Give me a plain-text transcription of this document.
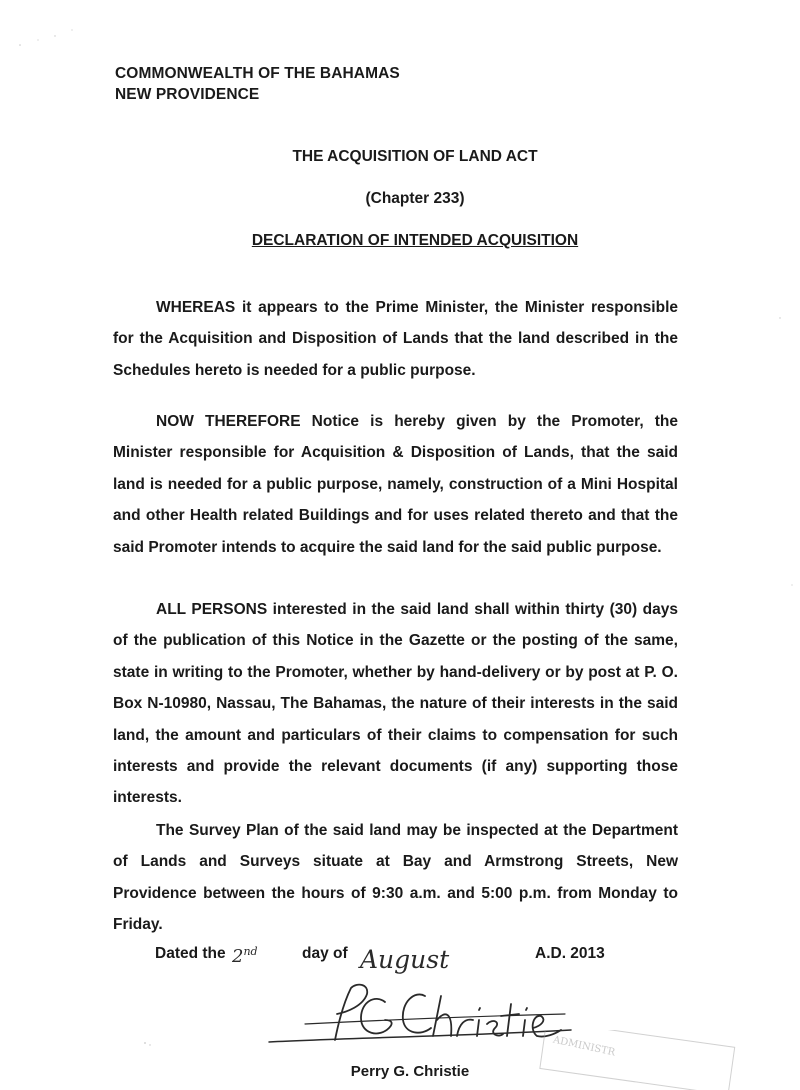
COMMONWEALTH OF THE BAHAMAS
NEW PROVIDENCE
THE ACQUISITION OF LAND ACT
(Chapter 233)
DECLARATION OF INTENDED ACQUISITION

WHEREAS it appears to the Prime Minister, the Minister responsible for the Acquisition and Disposition of Lands that the land described in the Schedules hereto is needed for a public purpose.

NOW THEREFORE Notice is hereby given by the Promoter, the Minister responsible for Acquisition & Disposition of Lands, that the said land is needed for a public purpose, namely, construction of a Mini Hospital and other Health related Buildings and for uses related thereto and that the said Promoter intends to acquire the said land for the said public purpose.

ALL PERSONS interested in the said land shall within thirty (30) days of the publication of this Notice in the Gazette or the posting of the same, state in writing to the Promoter, whether by hand-delivery or by post at P. O. Box N-10980, Nassau, The Bahamas, the nature of their interests in the said land, the amount and particulars of their claims to compensation for such interests and provide the relevant documents (if any) supporting those interests.

The Survey Plan of the said land may be inspected at the Department of Lands and Surveys situate at Bay and Armstrong Streets, New Providence between the hours of 9:30 a.m. and 5:00 p.m. from Monday to Friday.

Dated the 2nd	day of August	A.D. 2013
ADMINISTR
Perry G. Christie
